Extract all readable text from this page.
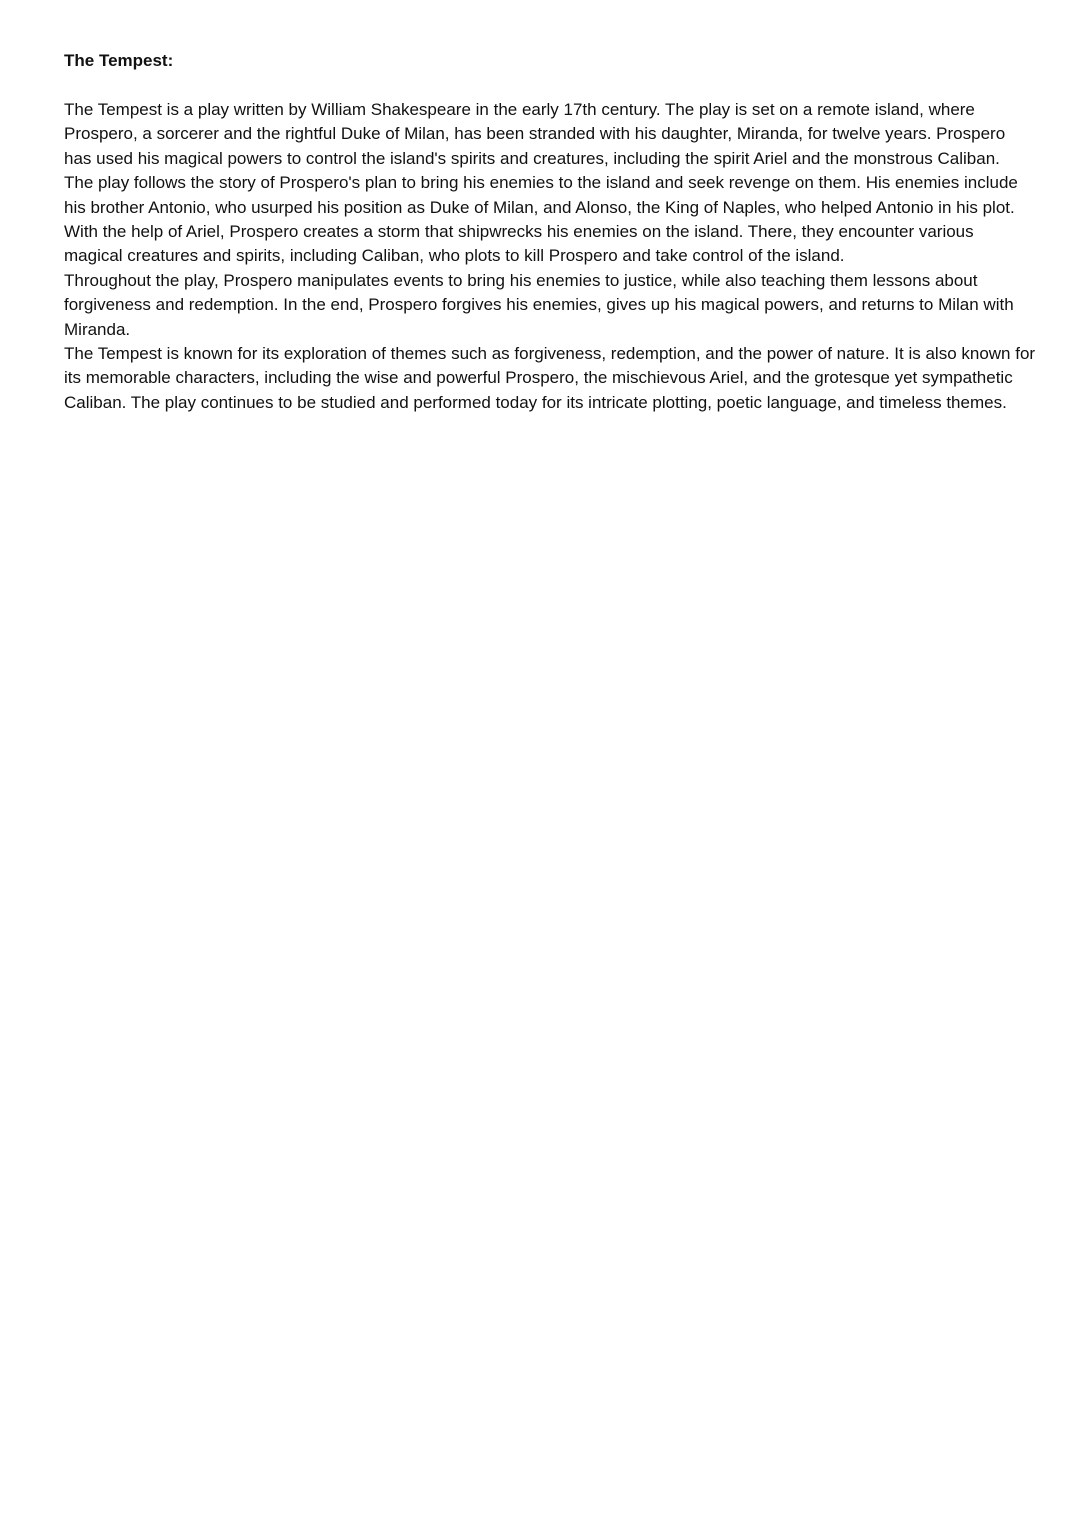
The Tempest:

The Tempest is a play written by William Shakespeare in the early 17th century. The play is set on a remote island, where Prospero, a sorcerer and the rightful Duke of Milan, has been stranded with his daughter, Miranda, for twelve years. Prospero has used his magical powers to control the island's spirits and creatures, including the spirit Ariel and the monstrous Caliban.

The play follows the story of Prospero's plan to bring his enemies to the island and seek revenge on them. His enemies include his brother Antonio, who usurped his position as Duke of Milan, and Alonso, the King of Naples, who helped Antonio in his plot. With the help of Ariel, Prospero creates a storm that shipwrecks his enemies on the island. There, they encounter various magical creatures and spirits, including Caliban, who plots to kill Prospero and take control of the island.

Throughout the play, Prospero manipulates events to bring his enemies to justice, while also teaching them lessons about forgiveness and redemption. In the end, Prospero forgives his enemies, gives up his magical powers, and returns to Milan with Miranda.

The Tempest is known for its exploration of themes such as forgiveness, redemption, and the power of nature. It is also known for its memorable characters, including the wise and powerful Prospero, the mischievous Ariel, and the grotesque yet sympathetic Caliban. The play continues to be studied and performed today for its intricate plotting, poetic language, and timeless themes.
